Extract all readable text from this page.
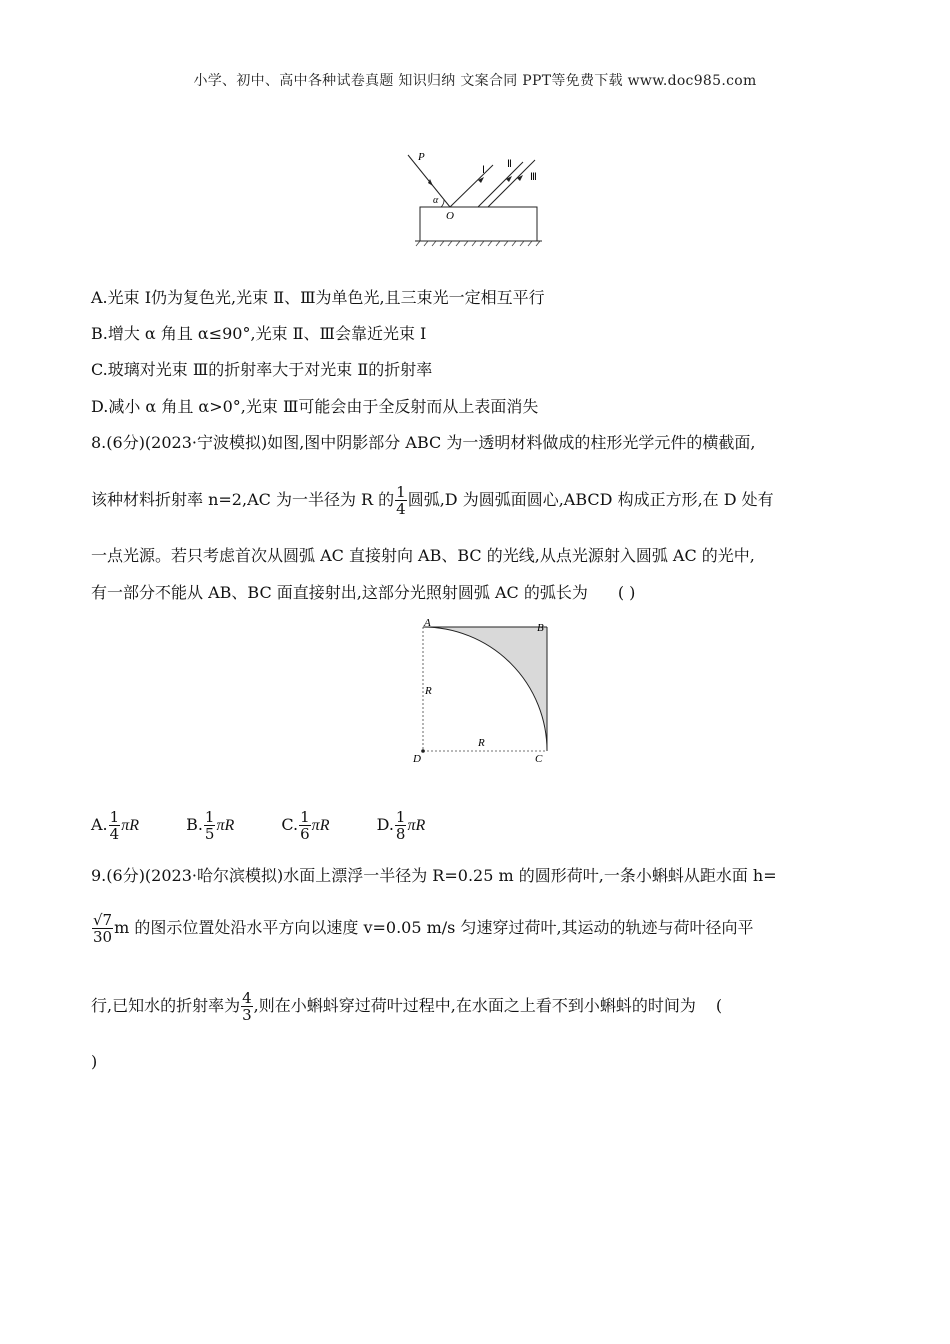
小学、初中、高中各种试卷真题 知识归纳 文案合同 PPT等免费下载 www.doc985.com
P
Ⅰ
Ⅱ
Ⅲ
α
O
A.光束 Ⅰ仍为复色光,光束 Ⅱ、Ⅲ为单色光,且三束光一定相互平行
B.增大 α 角且 α≤90°,光束 Ⅱ、Ⅲ会靠近光束 Ⅰ
C.玻璃对光束 Ⅲ的折射率大于对光束 Ⅱ的折射率
D.减小 α 角且 α>0°,光束 Ⅲ可能会由于全反射而从上表面消失
8.(6分)(2023·宁波模拟)如图,图中阴影部分 ABC 为一透明材料做成的柱形光学元件的横截面,
该种材料折射率 n=2,AC 为一半径为 R 的 $\frac{1}{4}$ 圆弧,D 为圆弧面圆心,ABCD 构成正方形,在 D 处有
一点光源。若只考虑首次从圆弧 AC 直接射向 AB、BC 的光线,从点光源射入圆弧 AC 的光中,
有一部分不能从 AB、BC 面直接射出,这部分光照射圆弧 AC 的弧长为 ( )
A	B
C
D
R
R
A. $\frac{1}{4}$ πR	B. $\frac{1}{5}$ πR	C. $\frac{1}{6}$ πR	D. $\frac{1}{8}$ πR
9.(6分)(2023·哈尔滨模拟)水面上漂浮一半径为 R=0.25 m 的圆形荷叶,一条小蝌蚪从距水面 h=
$\frac{√7}{30}$ m 的图示位置处沿水平方向以速度 v=0.05 m/s 匀速穿过荷叶,其运动的轨迹与荷叶径向平
行,已知水的折射率为 $\frac{4}{3}$ ,则在小蝌蚪穿过荷叶过程中,在水面之上看不到小蝌蚪的时间为 (
)
